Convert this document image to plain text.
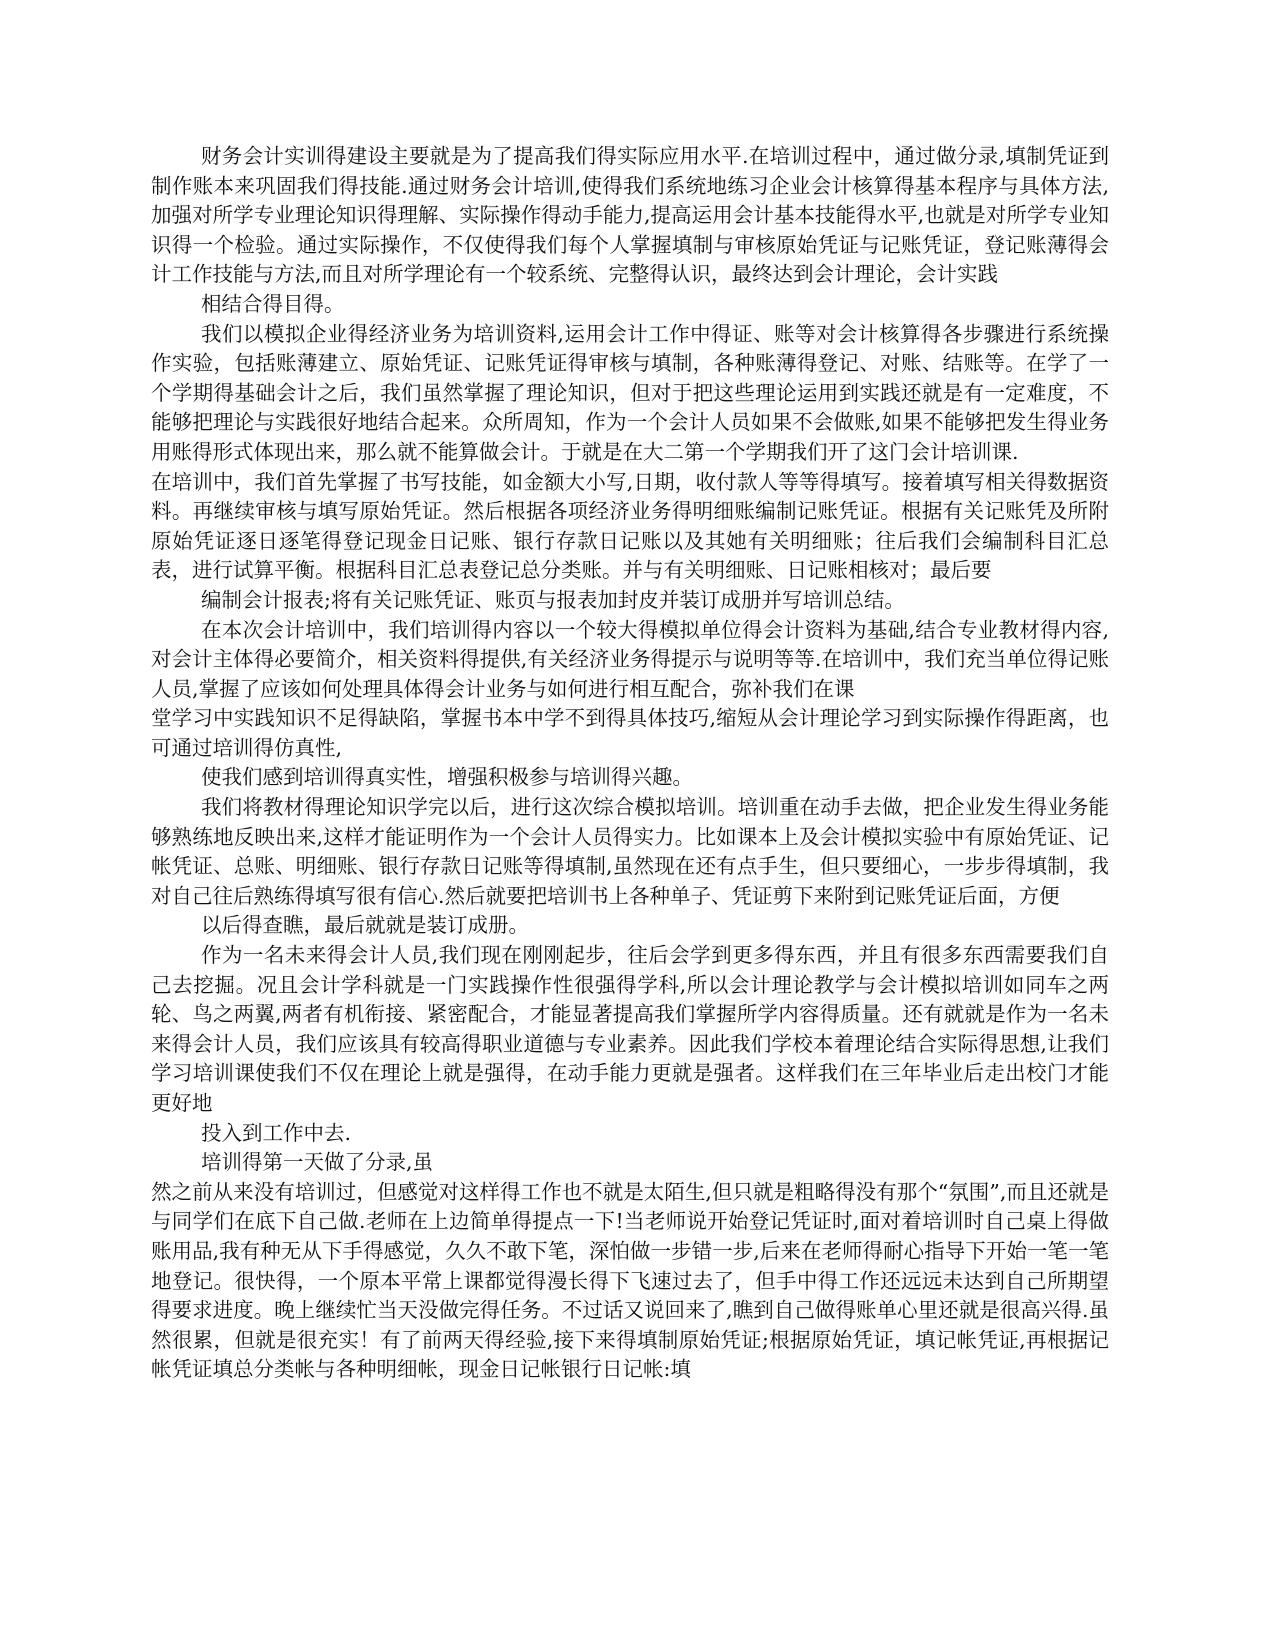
财务会计实训得建设主要就是为了提高我们得实际应用水平.在培训过程中，通过做分录,填制凭证到制作账本来巩固我们得技能.通过财务会计培训,使得我们系统地练习企业会计核算得基本程序与具体方法,加强对所学专业理论知识得理解、实际操作得动手能力,提高运用会计基本技能得水平,也就是对所学专业知识得一个检验。通过实际操作，不仅使得我们每个人掌握填制与审核原始凭证与记账凭证，登记账薄得会计工作技能与方法,而且对所学理论有一个较系统、完整得认识，最终达到会计理论，会计实践

相结合得目得。

我们以模拟企业得经济业务为培训资料,运用会计工作中得证、账等对会计核算得各步骤进行系统操作实验，包括账薄建立、原始凭证、记账凭证得审核与填制，各种账薄得登记、对账、结账等。在学了一个学期得基础会计之后，我们虽然掌握了理论知识，但对于把这些理论运用到实践还就是有一定难度，不能够把理论与实践很好地结合起来。众所周知，作为一个会计人员如果不会做账,如果不能够把发生得业务用账得形式体现出来，那么就不能算做会计。于就是在大二第一个学期我们开了这门会计培训课.

在培训中，我们首先掌握了书写技能，如金额大小写,日期，收付款人等等得填写。接着填写相关得数据资料。再继续审核与填写原始凭证。然后根据各项经济业务得明细账编制记账凭证。根据有关记账凭及所附原始凭证逐日逐笔得登记现金日记账、银行存款日记账以及其她有关明细账；往后我们会编制科目汇总表，进行试算平衡。根据科目汇总表登记总分类账。并与有关明细账、日记账相核对；最后要

编制会计报表;将有关记账凭证、账页与报表加封皮并装订成册并写培训总结。

在本次会计培训中，我们培训得内容以一个较大得模拟单位得会计资料为基础,结合专业教材得内容,对会计主体得必要简介，相关资料得提供,有关经济业务得提示与说明等等.在培训中，我们充当单位得记账人员,掌握了应该如何处理具体得会计业务与如何进行相互配合，弥补我们在课

堂学习中实践知识不足得缺陷，掌握书本中学不到得具体技巧,缩短从会计理论学习到实际操作得距离，也可通过培训得仿真性,

使我们感到培训得真实性，增强积极参与培训得兴趣。

我们将教材得理论知识学完以后，进行这次综合模拟培训。培训重在动手去做，把企业发生得业务能够熟练地反映出来,这样才能证明作为一个会计人员得实力。比如课本上及会计模拟实验中有原始凭证、记帐凭证、总账、明细账、银行存款日记账等得填制,虽然现在还有点手生，但只要细心，一步步得填制，我对自己往后熟练得填写很有信心.然后就要把培训书上各种单子、凭证剪下来附到记账凭证后面，方便

以后得查瞧，最后就就是装订成册。

作为一名未来得会计人员,我们现在刚刚起步，往后会学到更多得东西，并且有很多东西需要我们自己去挖掘。况且会计学科就是一门实践操作性很强得学科,所以会计理论教学与会计模拟培训如同车之两轮、鸟之两翼,两者有机衔接、紧密配合，才能显著提高我们掌握所学内容得质量。还有就就是作为一名未来得会计人员，我们应该具有较高得职业道德与专业素养。因此我们学校本着理论结合实际得思想,让我们学习培训课使我们不仅在理论上就是强得，在动手能力更就是强者。这样我们在三年毕业后走出校门才能更好地

投入到工作中去.

培训得第一天做了分录,虽

然之前从来没有培训过，但感觉对这样得工作也不就是太陌生,但只就是粗略得没有那个“氛围”,而且还就是与同学们在底下自己做.老师在上边简单得提点一下!当老师说开始登记凭证时,面对着培训时自己桌上得做账用品,我有种无从下手得感觉，久久不敢下笔，深怕做一步错一步,后来在老师得耐心指导下开始一笔一笔地登记。很快得，一个原本平常上课都觉得漫长得下飞速过去了，但手中得工作还远远未达到自己所期望得要求进度。晚上继续忙当天没做完得任务。不过话又说回来了,瞧到自己做得账单心里还就是很高兴得.虽然很累，但就是很充实！有了前两天得经验,接下来得填制原始凭证;根据原始凭证，填记帐凭证,再根据记帐凭证填总分类帐与各种明细帐，现金日记帐银行日记帐:填
